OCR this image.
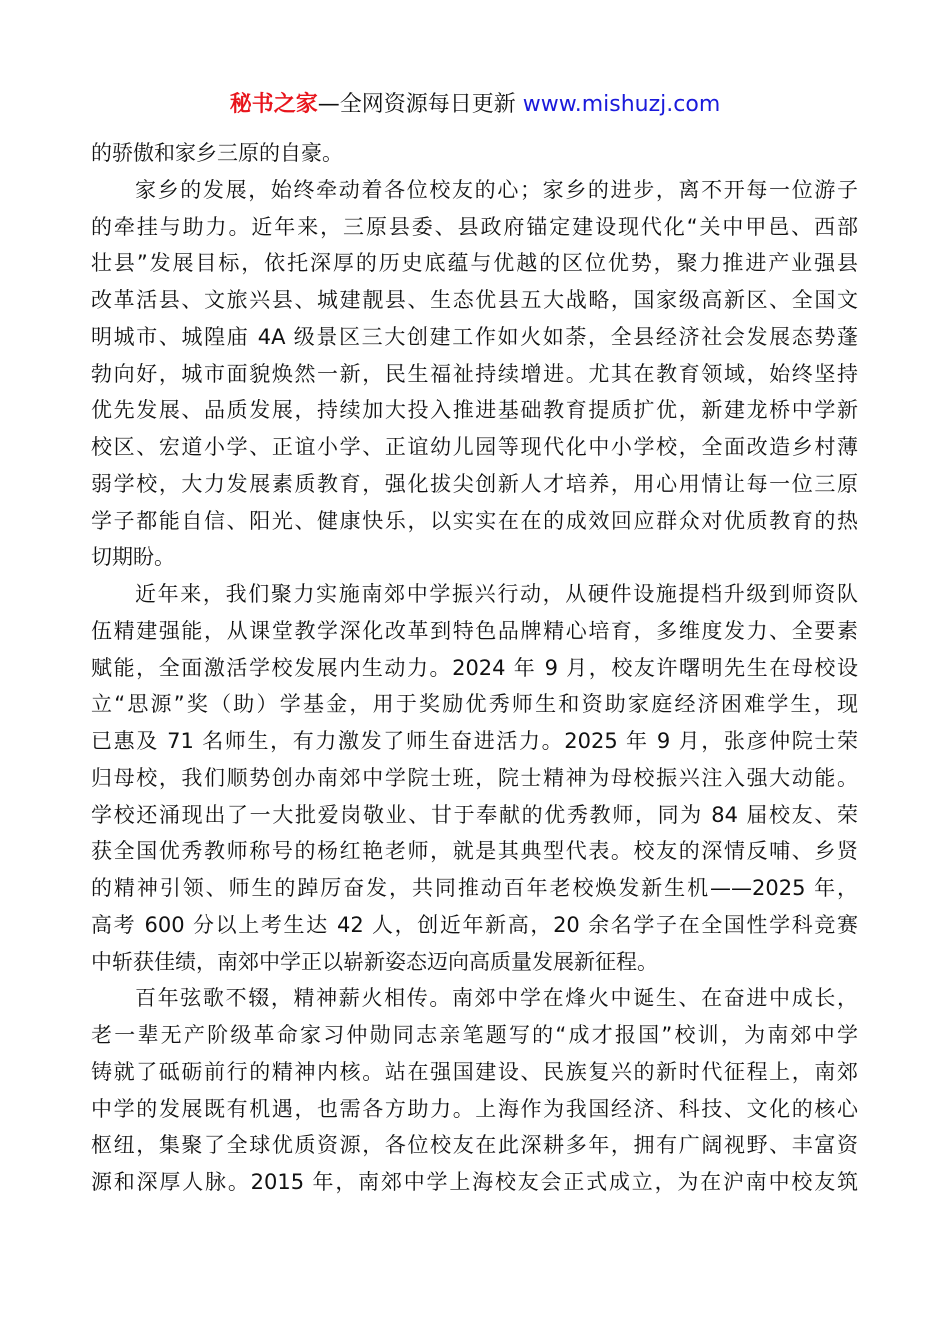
秘书之家—全网资源每日更新 www.mishuzj.com
的骄傲和家乡三原的自豪。
家乡的发展，始终牵动着各位校友的心；家乡的进步，离不开每一位游子
的牵挂与助力。近年来，三原县委、县政府锚定建设现代化“关中甲邑、西部
壮县”发展目标，依托深厚的历史底蕴与优越的区位优势，聚力推进产业强县
改革活县、文旅兴县、城建靓县、生态优县五大战略，国家级高新区、全国文
明城市、城隍庙 4A 级景区三大创建工作如火如荼，全县经济社会发展态势蓬
勃向好，城市面貌焕然一新，民生福祉持续增进。尤其在教育领域，始终坚持
优先发展、品质发展，持续加大投入推进基础教育提质扩优，新建龙桥中学新
校区、宏道小学、正谊小学、正谊幼儿园等现代化中小学校，全面改造乡村薄
弱学校，大力发展素质教育，强化拔尖创新人才培养，用心用情让每一位三原
学子都能自信、阳光、健康快乐，以实实在在的成效回应群众对优质教育的热
切期盼。
近年来，我们聚力实施南郊中学振兴行动，从硬件设施提档升级到师资队
伍精建强能，从课堂教学深化改革到特色品牌精心培育，多维度发力、全要素
赋能，全面激活学校发展内生动力。2024 年 9 月，校友许曙明先生在母校设
立“思源”奖（助）学基金，用于奖励优秀师生和资助家庭经济困难学生，现
已惠及 71 名师生，有力激发了师生奋进活力。2025 年 9 月，张彦仲院士荣
归母校，我们顺势创办南郊中学院士班，院士精神为母校振兴注入强大动能。
学校还涌现出了一大批爱岗敬业、甘于奉献的优秀教师，同为 84 届校友、荣
获全国优秀教师称号的杨红艳老师，就是其典型代表。校友的深情反哺、乡贤
的精神引领、师生的踔厉奋发，共同推动百年老校焕发新生机——2025 年，
高考 600 分以上考生达 42 人，创近年新高，20 余名学子在全国性学科竞赛
中斩获佳绩，南郊中学正以崭新姿态迈向高质量发展新征程。
百年弦歌不辍，精神薪火相传。南郊中学在烽火中诞生、在奋进中成长，
老一辈无产阶级革命家习仲勋同志亲笔题写的“成才报国”校训，为南郊中学
铸就了砥砺前行的精神内核。站在强国建设、民族复兴的新时代征程上，南郊
中学的发展既有机遇，也需各方助力。上海作为我国经济、科技、文化的核心
枢纽，集聚了全球优质资源，各位校友在此深耕多年，拥有广阔视野、丰富资
源和深厚人脉。2015 年，南郊中学上海校友会正式成立，为在沪南中校友筑
